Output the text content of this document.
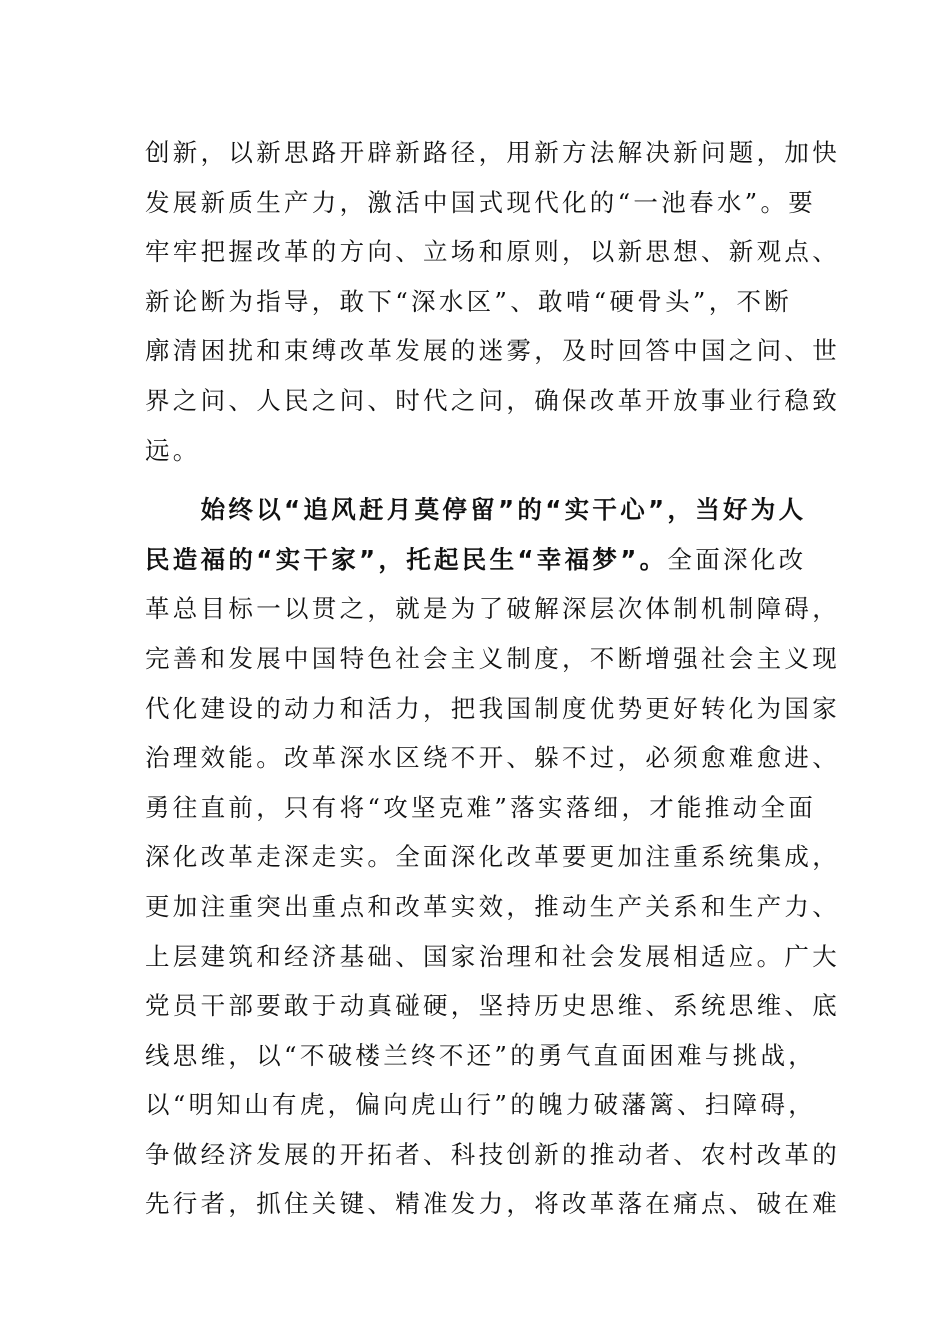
创新，以新思路开辟新路径，用新方法解决新问题，加快
发展新质生产力，激活中国式现代化的“一池春水”。要
牢牢把握改革的方向、立场和原则，以新思想、新观点、
新论断为指导，敢下“深水区”、敢啃“硬骨头”，不断
廓清困扰和束缚改革发展的迷雾，及时回答中国之问、世
界之问、人民之问、时代之问，确保改革开放事业行稳致
远。
　　始终以“追风赶月莫停留”的“实干心”，当好为人
民造福的“实干家”，托起民生“幸福梦”。全面深化改
革总目标一以贯之，就是为了破解深层次体制机制障碍，
完善和发展中国特色社会主义制度，不断增强社会主义现
代化建设的动力和活力，把我国制度优势更好转化为国家
治理效能。改革深水区绕不开、躲不过，必须愈难愈进、
勇往直前，只有将“攻坚克难”落实落细，才能推动全面
深化改革走深走实。全面深化改革要更加注重系统集成，
更加注重突出重点和改革实效，推动生产关系和生产力、
上层建筑和经济基础、国家治理和社会发展相适应。广大
党员干部要敢于动真碰硬，坚持历史思维、系统思维、底
线思维，以“不破楼兰终不还”的勇气直面困难与挑战，
以“明知山有虎，偏向虎山行”的魄力破藩篱、扫障碍，
争做经济发展的开拓者、科技创新的推动者、农村改革的
先行者，抓住关键、精准发力，将改革落在痛点、破在难
